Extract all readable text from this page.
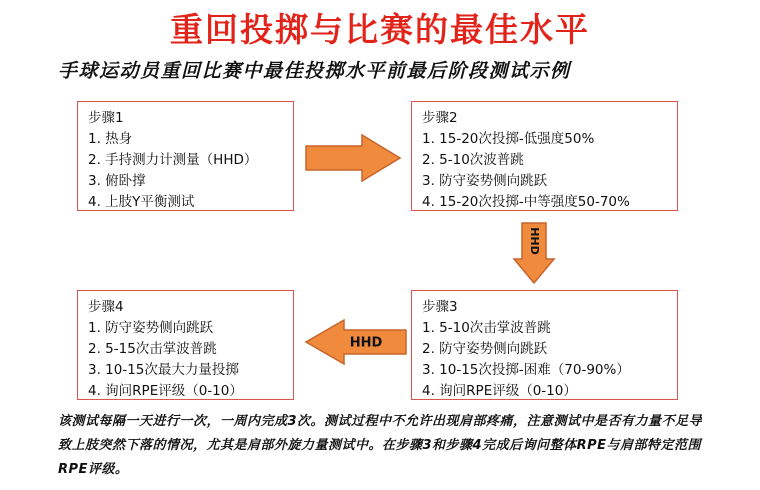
重回投掷与比赛的最佳水平
手球运动员重回比赛中最佳投掷水平前最后阶段测试示例
步骤1
1. 热身
2. 手持测力计测量（HHD）
3. 俯卧撑
4. 上肢Y平衡测试
步骤2
1. 15-20次投掷-低强度50%
2. 5-10次波普跳
3. 防守姿势侧向跳跃
4. 15-20次投掷-中等强度50-70%
步骤3
1. 5-10次击掌波普跳
2. 防守姿势侧向跳跃
3. 10-15次投掷-困难（70-90%）
4. 询问RPE评级（0-10）
步骤4
1. 防守姿势侧向跳跃
2. 5-15次击掌波普跳
3. 10-15次最大力量投掷
4. 询问RPE评级（0-10）
HHD
HHD
该测试每隔一天进行一次，一周内完成3次。测试过程中不允许出现肩部疼痛，注意测试中是否有力量不足导致上肢突然下落的情况，尤其是肩部外旋力量测试中。在步骤3和步骤4完成后询问整体RPE与肩部特定范围RPE评级。
